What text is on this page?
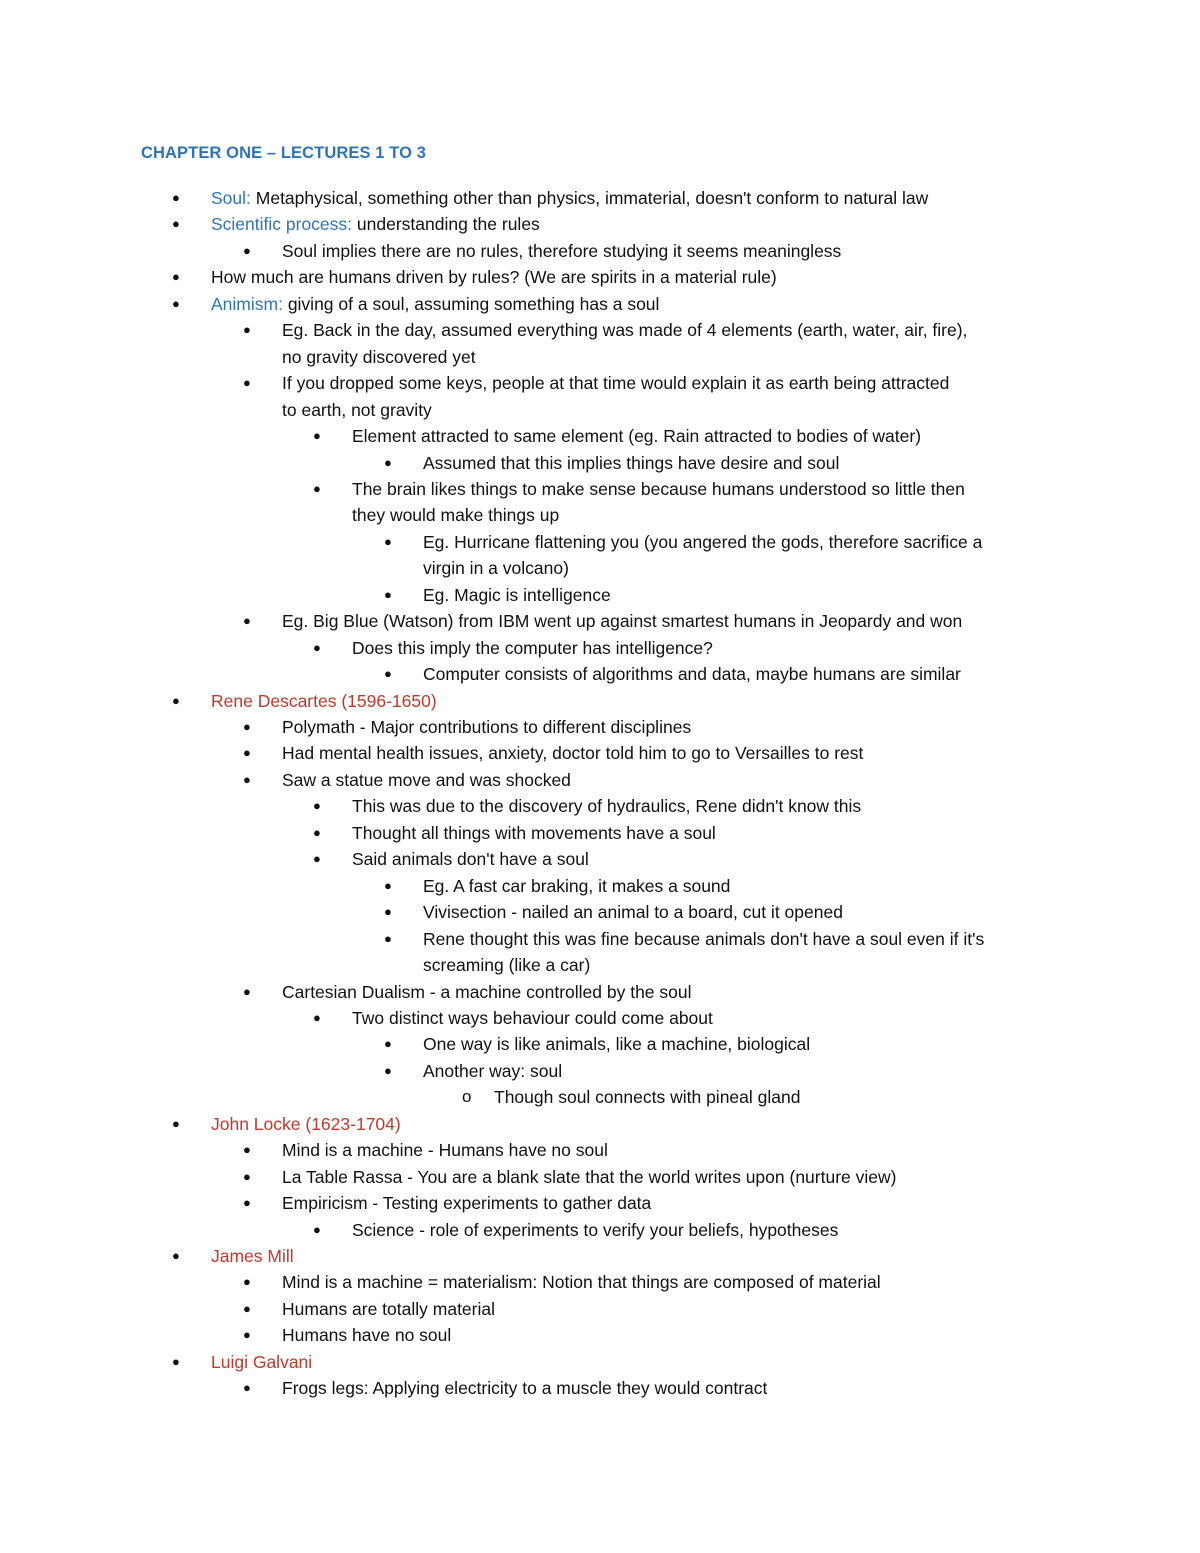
CHAPTER ONE – LECTURES 1 TO 3
● Soul: Metaphysical, something other than physics, immaterial, doesn't conform to natural law
● Scientific process: understanding the rules
● Soul implies there are no rules, therefore studying it seems meaningless
● How much are humans driven by rules? (We are spirits in a material rule)
● Animism: giving of a soul, assuming something has a soul
● Eg. Back in the day, assumed everything was made of 4 elements (earth, water, air, fire),
no gravity discovered yet
● If you dropped some keys, people at that time would explain it as earth being attracted
to earth, not gravity
● Element attracted to same element (eg. Rain attracted to bodies of water)
● Assumed that this implies things have desire and soul
● The brain likes things to make sense because humans understood so little then
they would make things up
● Eg. Hurricane flattening you (you angered the gods, therefore sacrifice a
virgin in a volcano)
● Eg. Magic is intelligence
● Eg. Big Blue (Watson) from IBM went up against smartest humans in Jeopardy and won
● Does this imply the computer has intelligence?
● Computer consists of algorithms and data, maybe humans are similar
● Rene Descartes (1596-1650)
● Polymath - Major contributions to different disciplines
● Had mental health issues, anxiety, doctor told him to go to Versailles to rest
● Saw a statue move and was shocked
● This was due to the discovery of hydraulics, Rene didn't know this
● Thought all things with movements have a soul
● Said animals don't have a soul
● Eg. A fast car braking, it makes a sound
● Vivisection - nailed an animal to a board, cut it opened
● Rene thought this was fine because animals don't have a soul even if it's
screaming (like a car)
● Cartesian Dualism - a machine controlled by the soul
● Two distinct ways behaviour could come about
● One way is like animals, like a machine, biological
● Another way: soul
o Though soul connects with pineal gland
● John Locke (1623-1704)
● Mind is a machine - Humans have no soul
● La Table Rassa - You are a blank slate that the world writes upon (nurture view)
● Empiricism - Testing experiments to gather data
● Science - role of experiments to verify your beliefs, hypotheses
● James Mill
● Mind is a machine = materialism: Notion that things are composed of material
● Humans are totally material
● Humans have no soul
● Luigi Galvani
● Frogs legs: Applying electricity to a muscle they would contract
